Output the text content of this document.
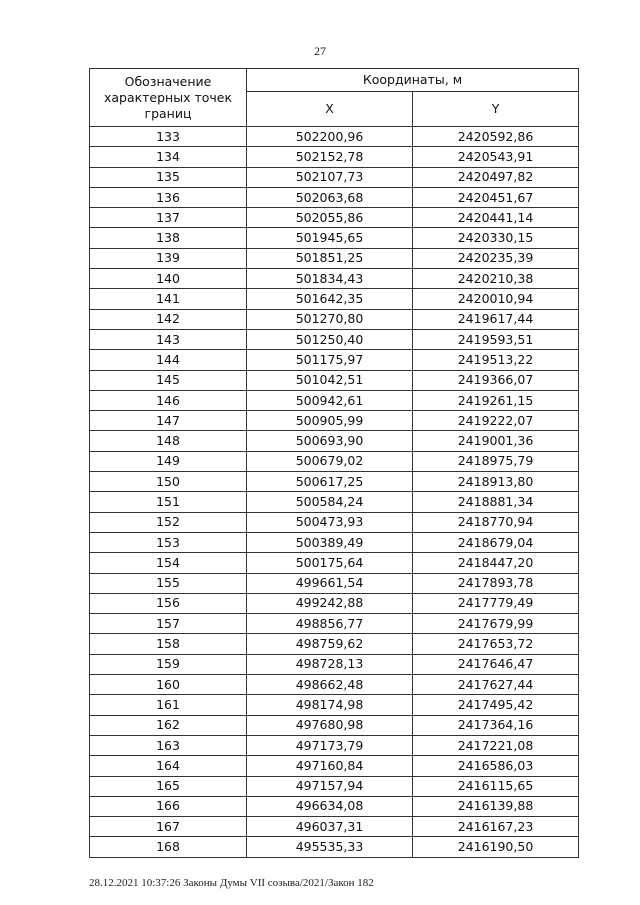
27
Обозначение характерных точек границ	Координаты, м	
	X	Y
133	502200,96	2420592,86
134	502152,78	2420543,91
135	502107,73	2420497,82
136	502063,68	2420451,67
137	502055,86	2420441,14
138	501945,65	2420330,15
139	501851,25	2420235,39
140	501834,43	2420210,38
141	501642,35	2420010,94
142	501270,80	2419617,44
143	501250,40	2419593,51
144	501175,97	2419513,22
145	501042,51	2419366,07
146	500942,61	2419261,15
147	500905,99	2419222,07
148	500693,90	2419001,36
149	500679,02	2418975,79
150	500617,25	2418913,80
151	500584,24	2418881,34
152	500473,93	2418770,94
153	500389,49	2418679,04
154	500175,64	2418447,20
155	499661,54	2417893,78
156	499242,88	2417779,49
157	498856,77	2417679,99
158	498759,62	2417653,72
159	498728,13	2417646,47
160	498662,48	2417627,44
161	498174,98	2417495,42
162	497680,98	2417364,16
163	497173,79	2417221,08
164	497160,84	2416586,03
165	497157,94	2416115,65
166	496634,08	2416139,88
167	496037,31	2416167,23
168	495535,33	2416190,50
28.12.2021 10:37:26 Законы Думы VII созыва/2021/Закон 182
